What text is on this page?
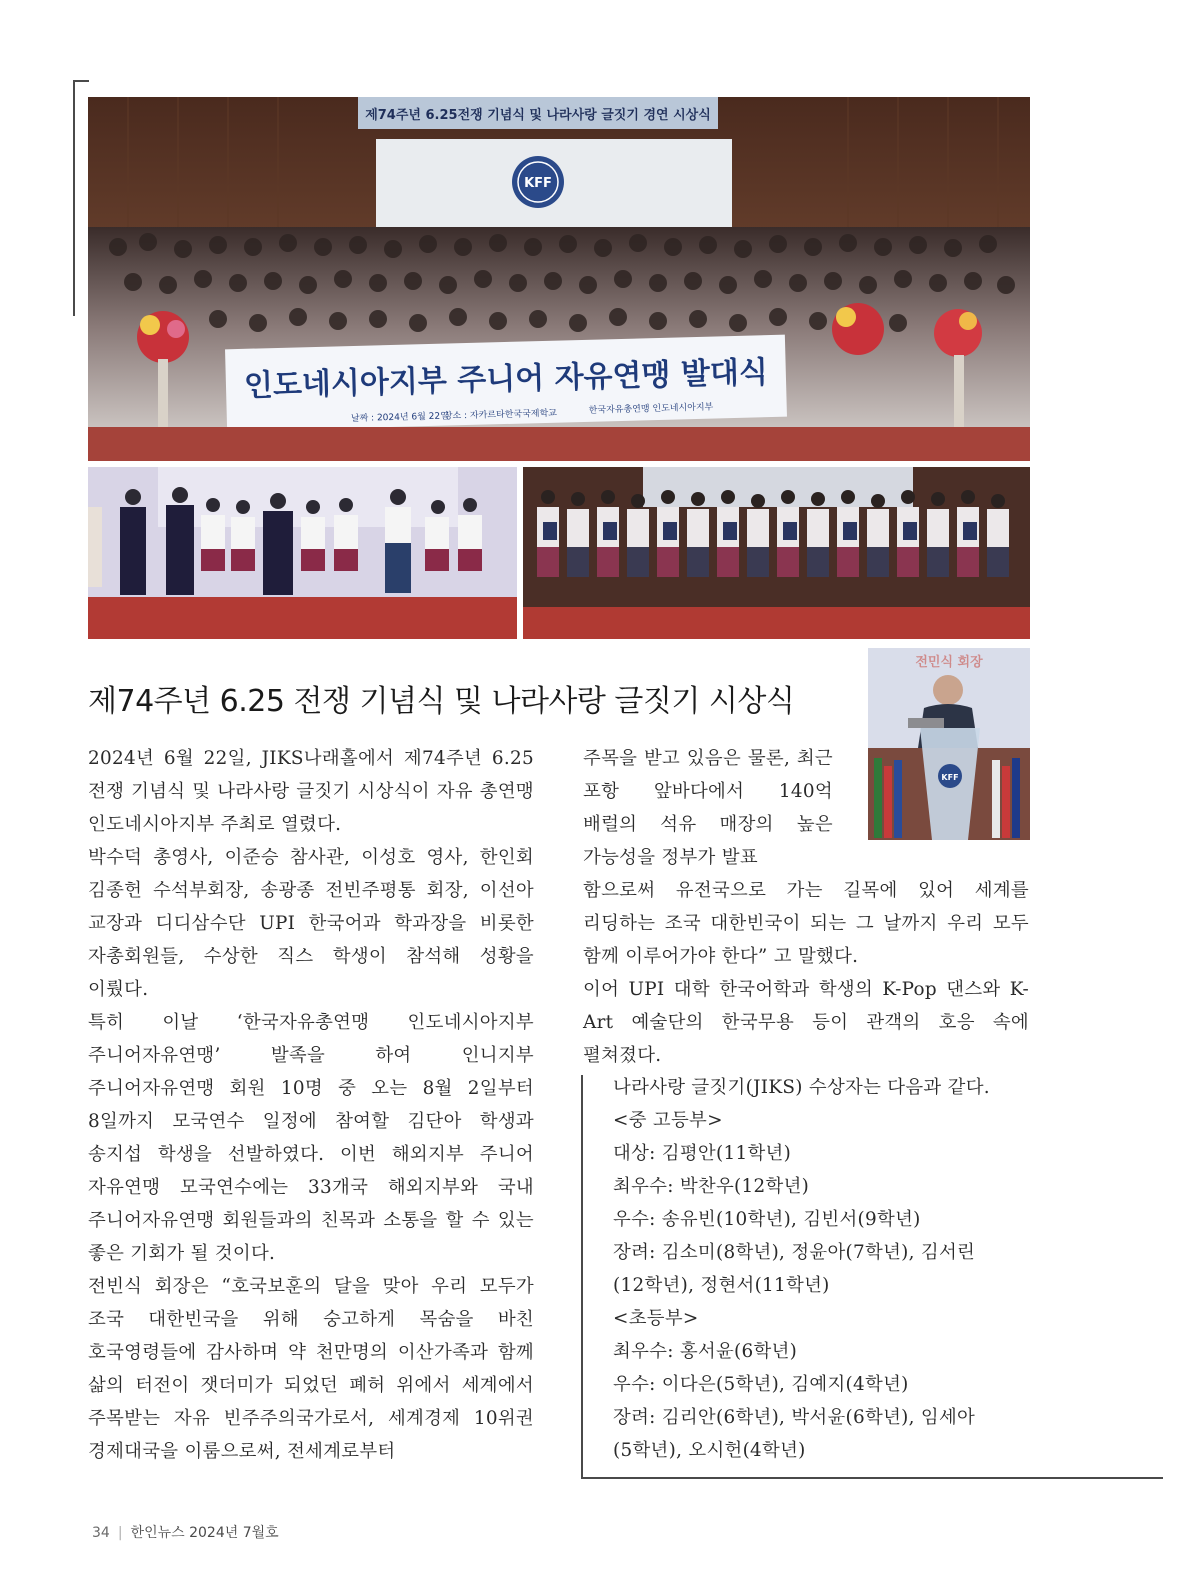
제74주년 6.25전쟁 기념식 및 나라사랑 글짓기 경연 시상식
KFF
인도네시아지부 주니어 자유연맹 발대식
날짜 : 2024년 6월 22일
장소 : 자카르타한국국제학교	한국자유총연맹 인도네시아지부
KFF
전민식 회장
제74주년 6.25 전쟁 기념식 및 나라사랑 글짓기 시상식

2024년 6월 22일, JIKS나래홀에서 제74주년 6.25 전쟁 기념식 및 나라사랑 글짓기 시상식이 자유 총연맹 인도네시아지부 주최로 열렸다.

박수덕 총영사, 이준승 참사관, 이성호 영사, 한인회 김종헌 수석부회장, 송광종 전빈주평통 회장, 이선아 교장과 디디삼수단 UPI 한국어과 학과장을 비롯한 자총회원들, 수상한 직스 학생이 참석해 성황을 이뤘다.

특히 이날 ‘한국자유총연맹 인도네시아지부 주니어자유연맹’ 발족을 하여 인니지부 주니어자유연맹 회원 10명 중 오는 8월 2일부터 8일까지 모국연수 일정에 참여할 김단아 학생과 송지섭 학생을 선발하였다. 이번 해외지부 주니어 자유연맹 모국연수에는 33개국 해외지부와 국내 주니어자유연맹 회원들과의 친목과 소통을 할 수 있는 좋은 기회가 될 것이다.

전빈식 회장은 “호국보훈의 달을 맞아 우리 모두가 조국 대한빈국을 위해 숭고하게 목숨을 바친 호국영령들에 감사하며 약 천만명의 이산가족과 함께 삶의 터전이 잿더미가 되었던 폐허 위에서 세계에서 주목받는 자유 빈주주의국가로서, 세계경제 10위권 경제대국을 이룸으로써, 전세계로부터

주목을 받고 있음은 물론, 최근 포항 앞바다에서 140억 배럴의 석유 매장의 높은 가능성을 정부가 발표

함으로써 유전국으로 가는 길목에 있어 세계를 리딩하는 조국 대한빈국이 되는 그 날까지 우리 모두 함께 이루어가야 한다” 고 말했다.

이어 UPI 대학 한국어학과 학생의 K-Pop 댄스와 K-Art 예술단의 한국무용 등이 관객의 호응 속에 펼쳐졌다.

나라사랑 글짓기(JIKS) 수상자는 다음과 같다.
<중 고등부>
대상: 김평안(11학년)
최우수: 박찬우(12학년)
우수: 송유빈(10학년), 김빈서(9학년)
장려: 김소미(8학년), 정윤아(7학년), 김서린(12학년), 정현서(11학년)
<초등부>
최우수: 홍서윤(6학년)
우수: 이다은(5학년), 김예지(4학년)
장려: 김리안(6학년), 박서윤(6학년), 임세아(5학년), 오시헌(4학년)
34 | 한인뉴스 2024년 7월호
